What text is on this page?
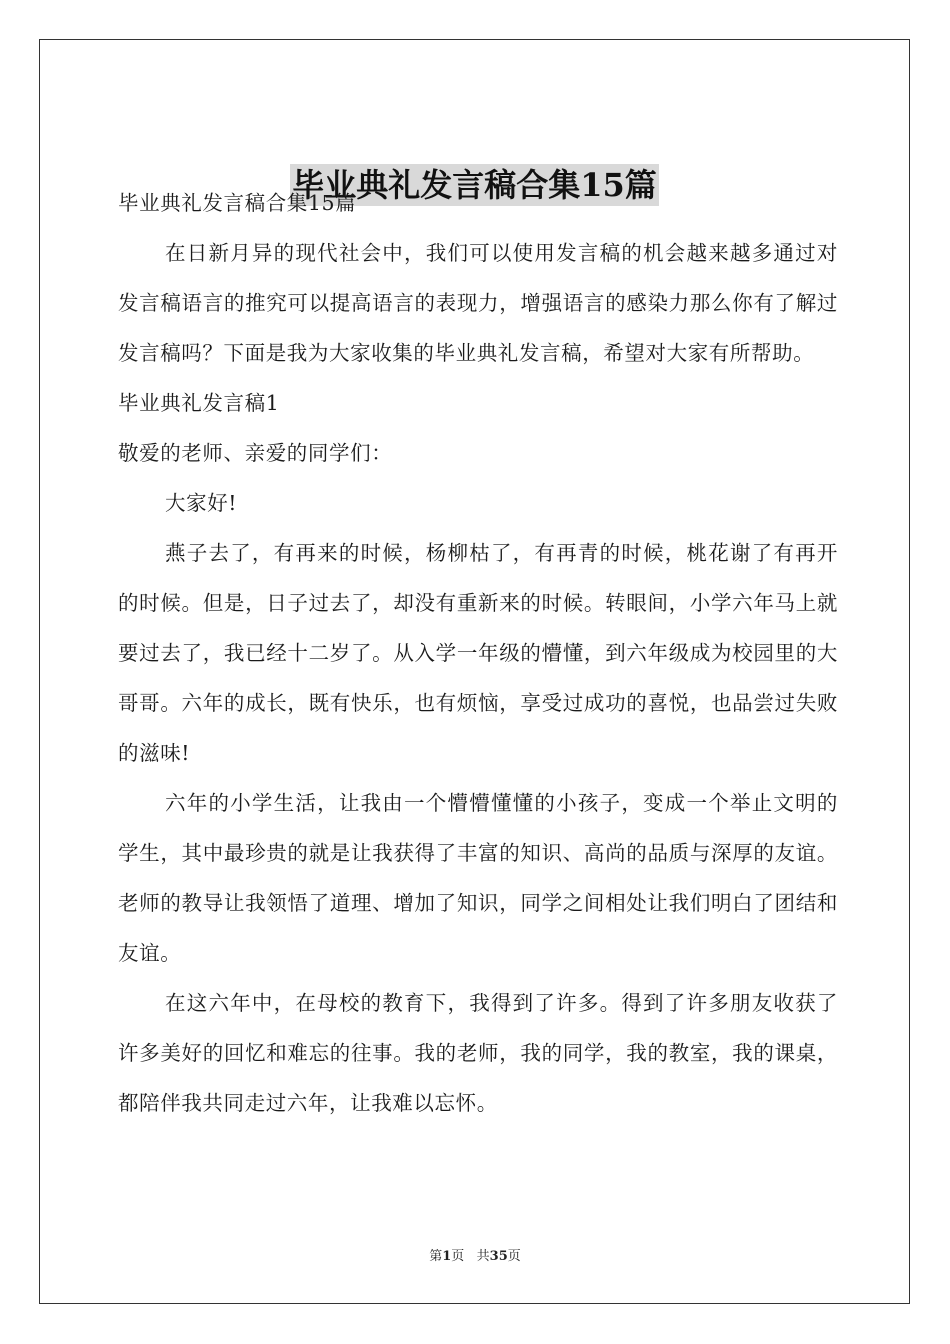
毕业典礼发言稿合集15篇

毕业典礼发言稿合集15篇

在日新月异的现代社会中，我们可以使用发言稿的机会越来越多通过对发言稿语言的推究可以提高语言的表现力，增强语言的感染力那么你有了解过发言稿吗？下面是我为大家收集的毕业典礼发言稿，希望对大家有所帮助。

毕业典礼发言稿1

敬爱的老师、亲爱的同学们：

大家好!

燕子去了，有再来的时候，杨柳枯了，有再青的时候，桃花谢了有再开的时候。但是，日子过去了，却没有重新来的时候。转眼间，小学六年马上就要过去了，我已经十二岁了。从入学一年级的懵懂，到六年级成为校园里的大哥哥。六年的成长，既有快乐，也有烦恼，享受过成功的喜悦，也品尝过失败的滋味!

六年的小学生活，让我由一个懵懵懂懂的小孩子，变成一个举止文明的学生，其中最珍贵的就是让我获得了丰富的知识、高尚的品质与深厚的友谊。老师的教导让我领悟了道理、增加了知识，同学之间相处让我们明白了团结和友谊。

在这六年中，在母校的教育下，我得到了许多。得到了许多朋友收获了许多美好的回忆和难忘的往事。我的老师，我的同学，我的教室，我的课桌，都陪伴我共同走过六年，让我难以忘怀。

第1页   共35页
